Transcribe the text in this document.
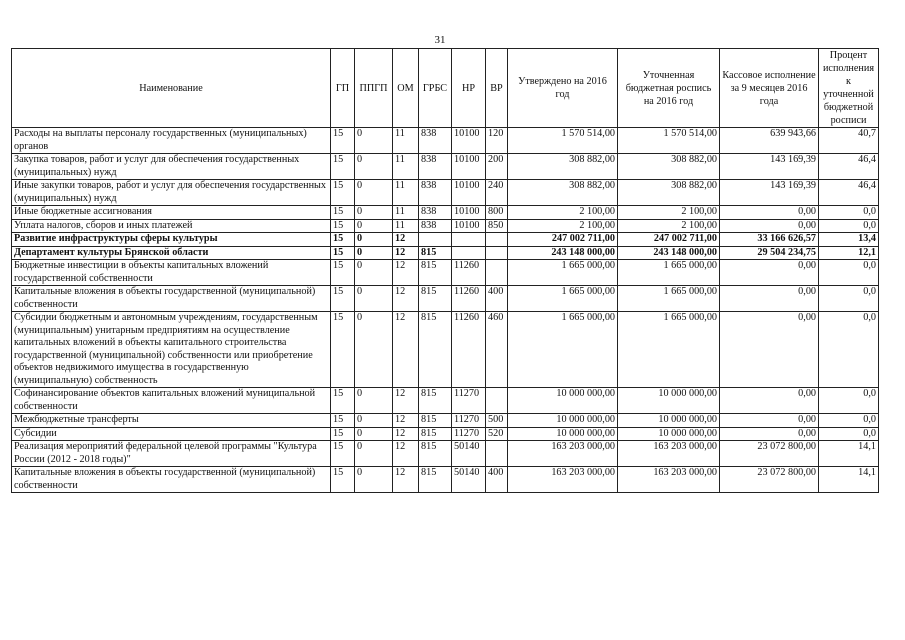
31
Наименование	ГП	ППГП	ОМ	ГРБС	НР	ВР	Утверждено на 2016 год	Уточненная бюджетная роспись на 2016 год	Кассовое исполнение за 9 месяцев 2016 года	Процент исполнения к уточненной бюджетной росписи
Расходы на выплаты персоналу государственных (муниципальных) органов	15	0	11	838	10100	120	1 570 514,00	1 570 514,00	639 943,66	40,7
Закупка товаров, работ и услуг для обеспечения государственных (муниципальных) нужд	15	0	11	838	10100	200	308 882,00	308 882,00	143 169,39	46,4
Иные закупки товаров, работ и услуг для обеспечения государственных (муниципальных) нужд	15	0	11	838	10100	240	308 882,00	308 882,00	143 169,39	46,4
Иные бюджетные ассигнования	15	0	11	838	10100	800	2 100,00	2 100,00	0,00	0,0
Уплата налогов, сборов и иных платежей	15	0	11	838	10100	850	2 100,00	2 100,00	0,00	0,0
Развитие инфраструктуры сферы культуры	15	0	12				247 002 711,00	247 002 711,00	33 166 626,57	13,4
Департамент культуры Брянской области	15	0	12	815			243 148 000,00	243 148 000,00	29 504 234,75	12,1
Бюджетные инвестиции в объекты капитальных вложений государственной собственности	15	0	12	815	11260		1 665 000,00	1 665 000,00	0,00	0,0
Капитальные вложения в объекты государственной (муниципальной) собственности	15	0	12	815	11260	400	1 665 000,00	1 665 000,00	0,00	0,0
Субсидии бюджетным и автономным учреждениям, государственным (муниципальным) унитарным предприятиям на осуществление капитальных вложений в объекты капитального строительства государственной (муниципальной) собственности или приобретение объектов недвижимого имущества в государственную (муниципальную) собственность	15	0	12	815	11260	460	1 665 000,00	1 665 000,00	0,00	0,0
Софинансирование объектов капитальных вложений муниципальной собственности	15	0	12	815	11270		10 000 000,00	10 000 000,00	0,00	0,0
Межбюджетные трансферты	15	0	12	815	11270	500	10 000 000,00	10 000 000,00	0,00	0,0
Субсидии	15	0	12	815	11270	520	10 000 000,00	10 000 000,00	0,00	0,0
Реализация мероприятий федеральной целевой программы "Культура России (2012 - 2018 годы)"	15	0	12	815	50140		163 203 000,00	163 203 000,00	23 072 800,00	14,1
Капитальные вложения в объекты государственной (муниципальной) собственности	15	0	12	815	50140	400	163 203 000,00	163 203 000,00	23 072 800,00	14,1
